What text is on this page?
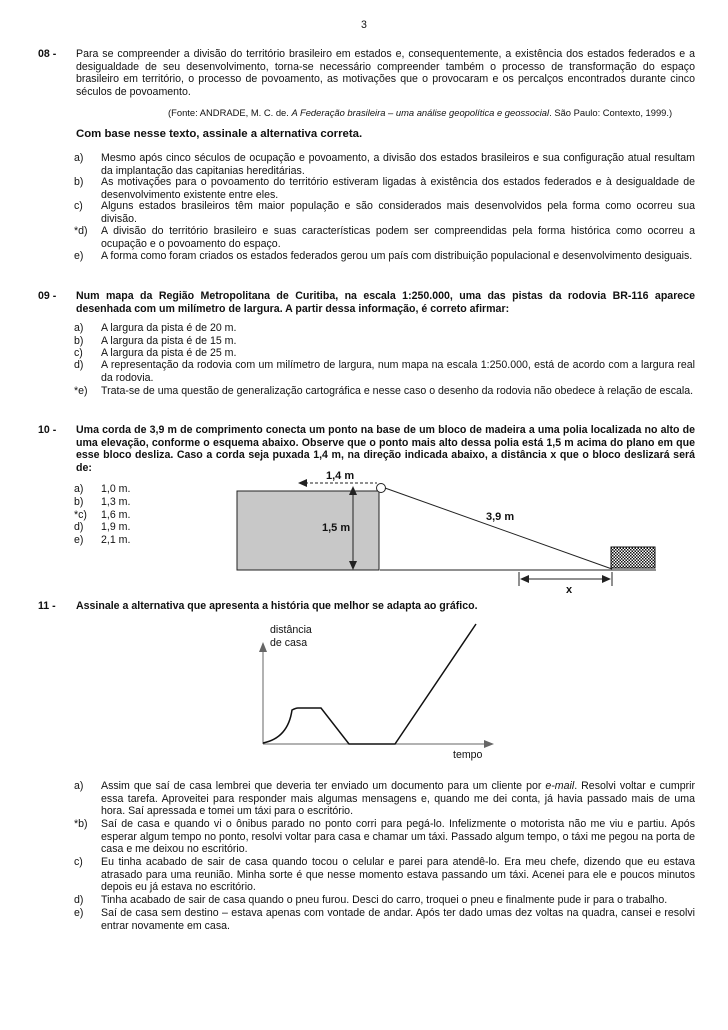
3
08 - Para se compreender a divisão do território brasileiro em estados e, consequentemente, a existência dos estados federados e a desigualdade de seu desenvolvimento, torna-se necessário compreender também o processo de transformação do espaço brasileiro em território, o processo de povoamento, as motivações que o provocaram e os percalços encontrados durante cinco séculos de povoamento.
(Fonte: ANDRADE, M. C. de. A Federação brasileira – uma análise geopolítica e geossocial. São Paulo: Contexto, 1999.)
Com base nesse texto, assinale a alternativa correta.
a)	Mesmo após cinco séculos de ocupação e povoamento, a divisão dos estados brasileiros e sua configuração atual resultam da implantação das capitanias hereditárias.
b)	As motivações para o povoamento do território estiveram ligadas à existência dos estados federados e à desigualdade de desenvolvimento existente entre eles.
c)	Alguns estados brasileiros têm maior população e são considerados mais desenvolvidos pela forma como ocorreu sua divisão.
*d)	A divisão do território brasileiro e suas características podem ser compreendidas pela forma histórica como ocorreu a ocupação e o povoamento do espaço.
e)	A forma como foram criados os estados federados gerou um país com distribuição populacional e desenvolvimento desiguais.
09 - Num mapa da Região Metropolitana de Curitiba, na escala 1:250.000, uma das pistas da rodovia BR-116 aparece desenhada com um milímetro de largura. A partir dessa informação, é correto afirmar:
a)	A largura da pista é de 20 m.
b)	A largura da pista é de 15 m.
c)	A largura da pista é de 25 m.
d)	A representação da rodovia com um milímetro de largura, num mapa na escala 1:250.000, está de acordo com a largura real da rodovia.
*e)	Trata-se de uma questão de generalização cartográfica e nesse caso o desenho da rodovia não obedece à relação de escala.
10 - Uma corda de 3,9 m de comprimento conecta um ponto na base de um bloco de madeira a uma polia localizada no alto de uma elevação, conforme o esquema abaixo. Observe que o ponto mais alto dessa polia está 1,5 m acima do plano em que esse bloco desliza. Caso a corda seja puxada 1,4 m, na direção indicada abaixo, a distância x que o bloco deslizará será de:
a)	1,0 m.
b)	1,3 m.
*c)	1,6 m.
d)	1,9 m.
e)	2,1 m.
1,4 m
1,5 m
3,9 m
x
11 - Assinale a alternativa que apresenta a história que melhor se adapta ao gráfico.
distância
de casa
tempo
a)	Assim que saí de casa lembrei que deveria ter enviado um documento para um cliente por e-mail. Resolvi voltar e cumprir essa tarefa. Aproveitei para responder mais algumas mensagens e, quando me dei conta, já havia passado mais de uma hora. Saí apressada e tomei um táxi para o escritório.
*b)	Saí de casa e quando vi o ônibus parado no ponto corri para pegá-lo. Infelizmente o motorista não me viu e partiu. Após esperar algum tempo no ponto, resolvi voltar para casa e chamar um táxi. Passado algum tempo, o táxi me pegou na porta de casa e me deixou no escritório.
c)	Eu tinha acabado de sair de casa quando tocou o celular e parei para atendê-lo. Era meu chefe, dizendo que eu estava atrasado para uma reunião. Minha sorte é que nesse momento estava passando um táxi. Acenei para ele e poucos minutos depois eu já estava no escritório.
d)	Tinha acabado de sair de casa quando o pneu furou. Desci do carro, troquei o pneu e finalmente pude ir para o trabalho.
e)	Saí de casa sem destino – estava apenas com vontade de andar. Após ter dado umas dez voltas na quadra, cansei e resolvi entrar novamente em casa.
